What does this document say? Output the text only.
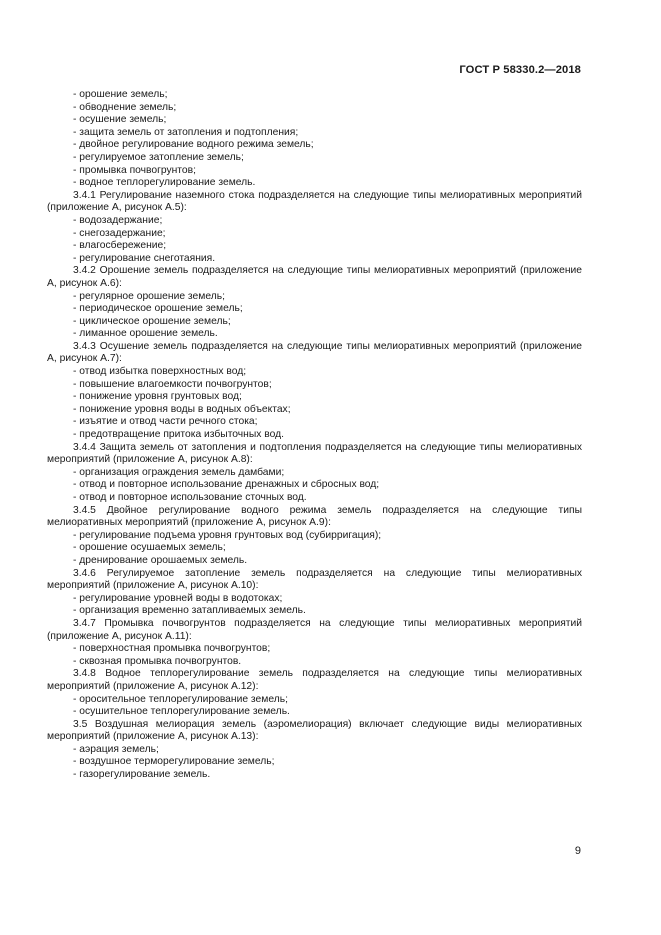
ГОСТ Р 58330.2—2018
- орошение земель;
- обводнение земель;
- осушение земель;
- защита земель от затопления и подтопления;
- двойное регулирование водного режима земель;
- регулируемое затопление земель;
- промывка почвогрунтов;
- водное теплорегулирование земель.
3.4.1 Регулирование наземного стока подразделяется на следующие типы мелиоративных мероприятий (приложение А, рисунок А.5):
- водозадержание;
- снегозадержание;
- влагосбережение;
- регулирование снеготаяния.
3.4.2 Орошение земель подразделяется на следующие типы мелиоративных мероприятий (приложение А, рисунок А.6):
- регулярное орошение земель;
- периодическое орошение земель;
- циклическое орошение земель;
- лиманное орошение земель.
3.4.3 Осушение земель подразделяется на следующие типы мелиоративных мероприятий (приложение А, рисунок А.7):
- отвод избытка поверхностных вод;
- повышение влагоемкости почвогрунтов;
- понижение уровня грунтовых вод;
- понижение уровня воды в водных объектах;
- изъятие и отвод части речного стока;
- предотвращение притока избыточных вод.
3.4.4 Защита земель от затопления и подтопления подразделяется на следующие типы мелиоративных мероприятий (приложение А, рисунок А.8):
- организация ограждения земель дамбами;
- отвод и повторное использование дренажных и сбросных вод;
- отвод и повторное использование сточных вод.
3.4.5 Двойное регулирование водного режима земель подразделяется на следующие типы мелиоративных мероприятий (приложение А, рисунок А.9):
- регулирование подъема уровня грунтовых вод (субирригация);
- орошение осушаемых земель;
- дренирование орошаемых земель.
3.4.6 Регулируемое затопление земель подразделяется на следующие типы мелиоративных мероприятий (приложение А, рисунок А.10):
- регулирование уровней воды в водотоках;
- организация временно затапливаемых земель.
3.4.7 Промывка почвогрунтов подразделяется на следующие типы мелиоративных мероприятий (приложение А, рисунок А.11):
- поверхностная промывка почвогрунтов;
- сквозная промывка почвогрунтов.
3.4.8 Водное теплорегулирование земель подразделяется на следующие типы мелиоративных мероприятий (приложение А, рисунок А.12):
- оросительное теплорегулирование земель;
- осушительное теплорегулирование земель.
3.5 Воздушная мелиорация земель (аэромелиорация) включает следующие виды мелиоративных мероприятий (приложение А, рисунок А.13):
- аэрация земель;
- воздушное терморегулирование земель;
- газорегулирование земель.
9
